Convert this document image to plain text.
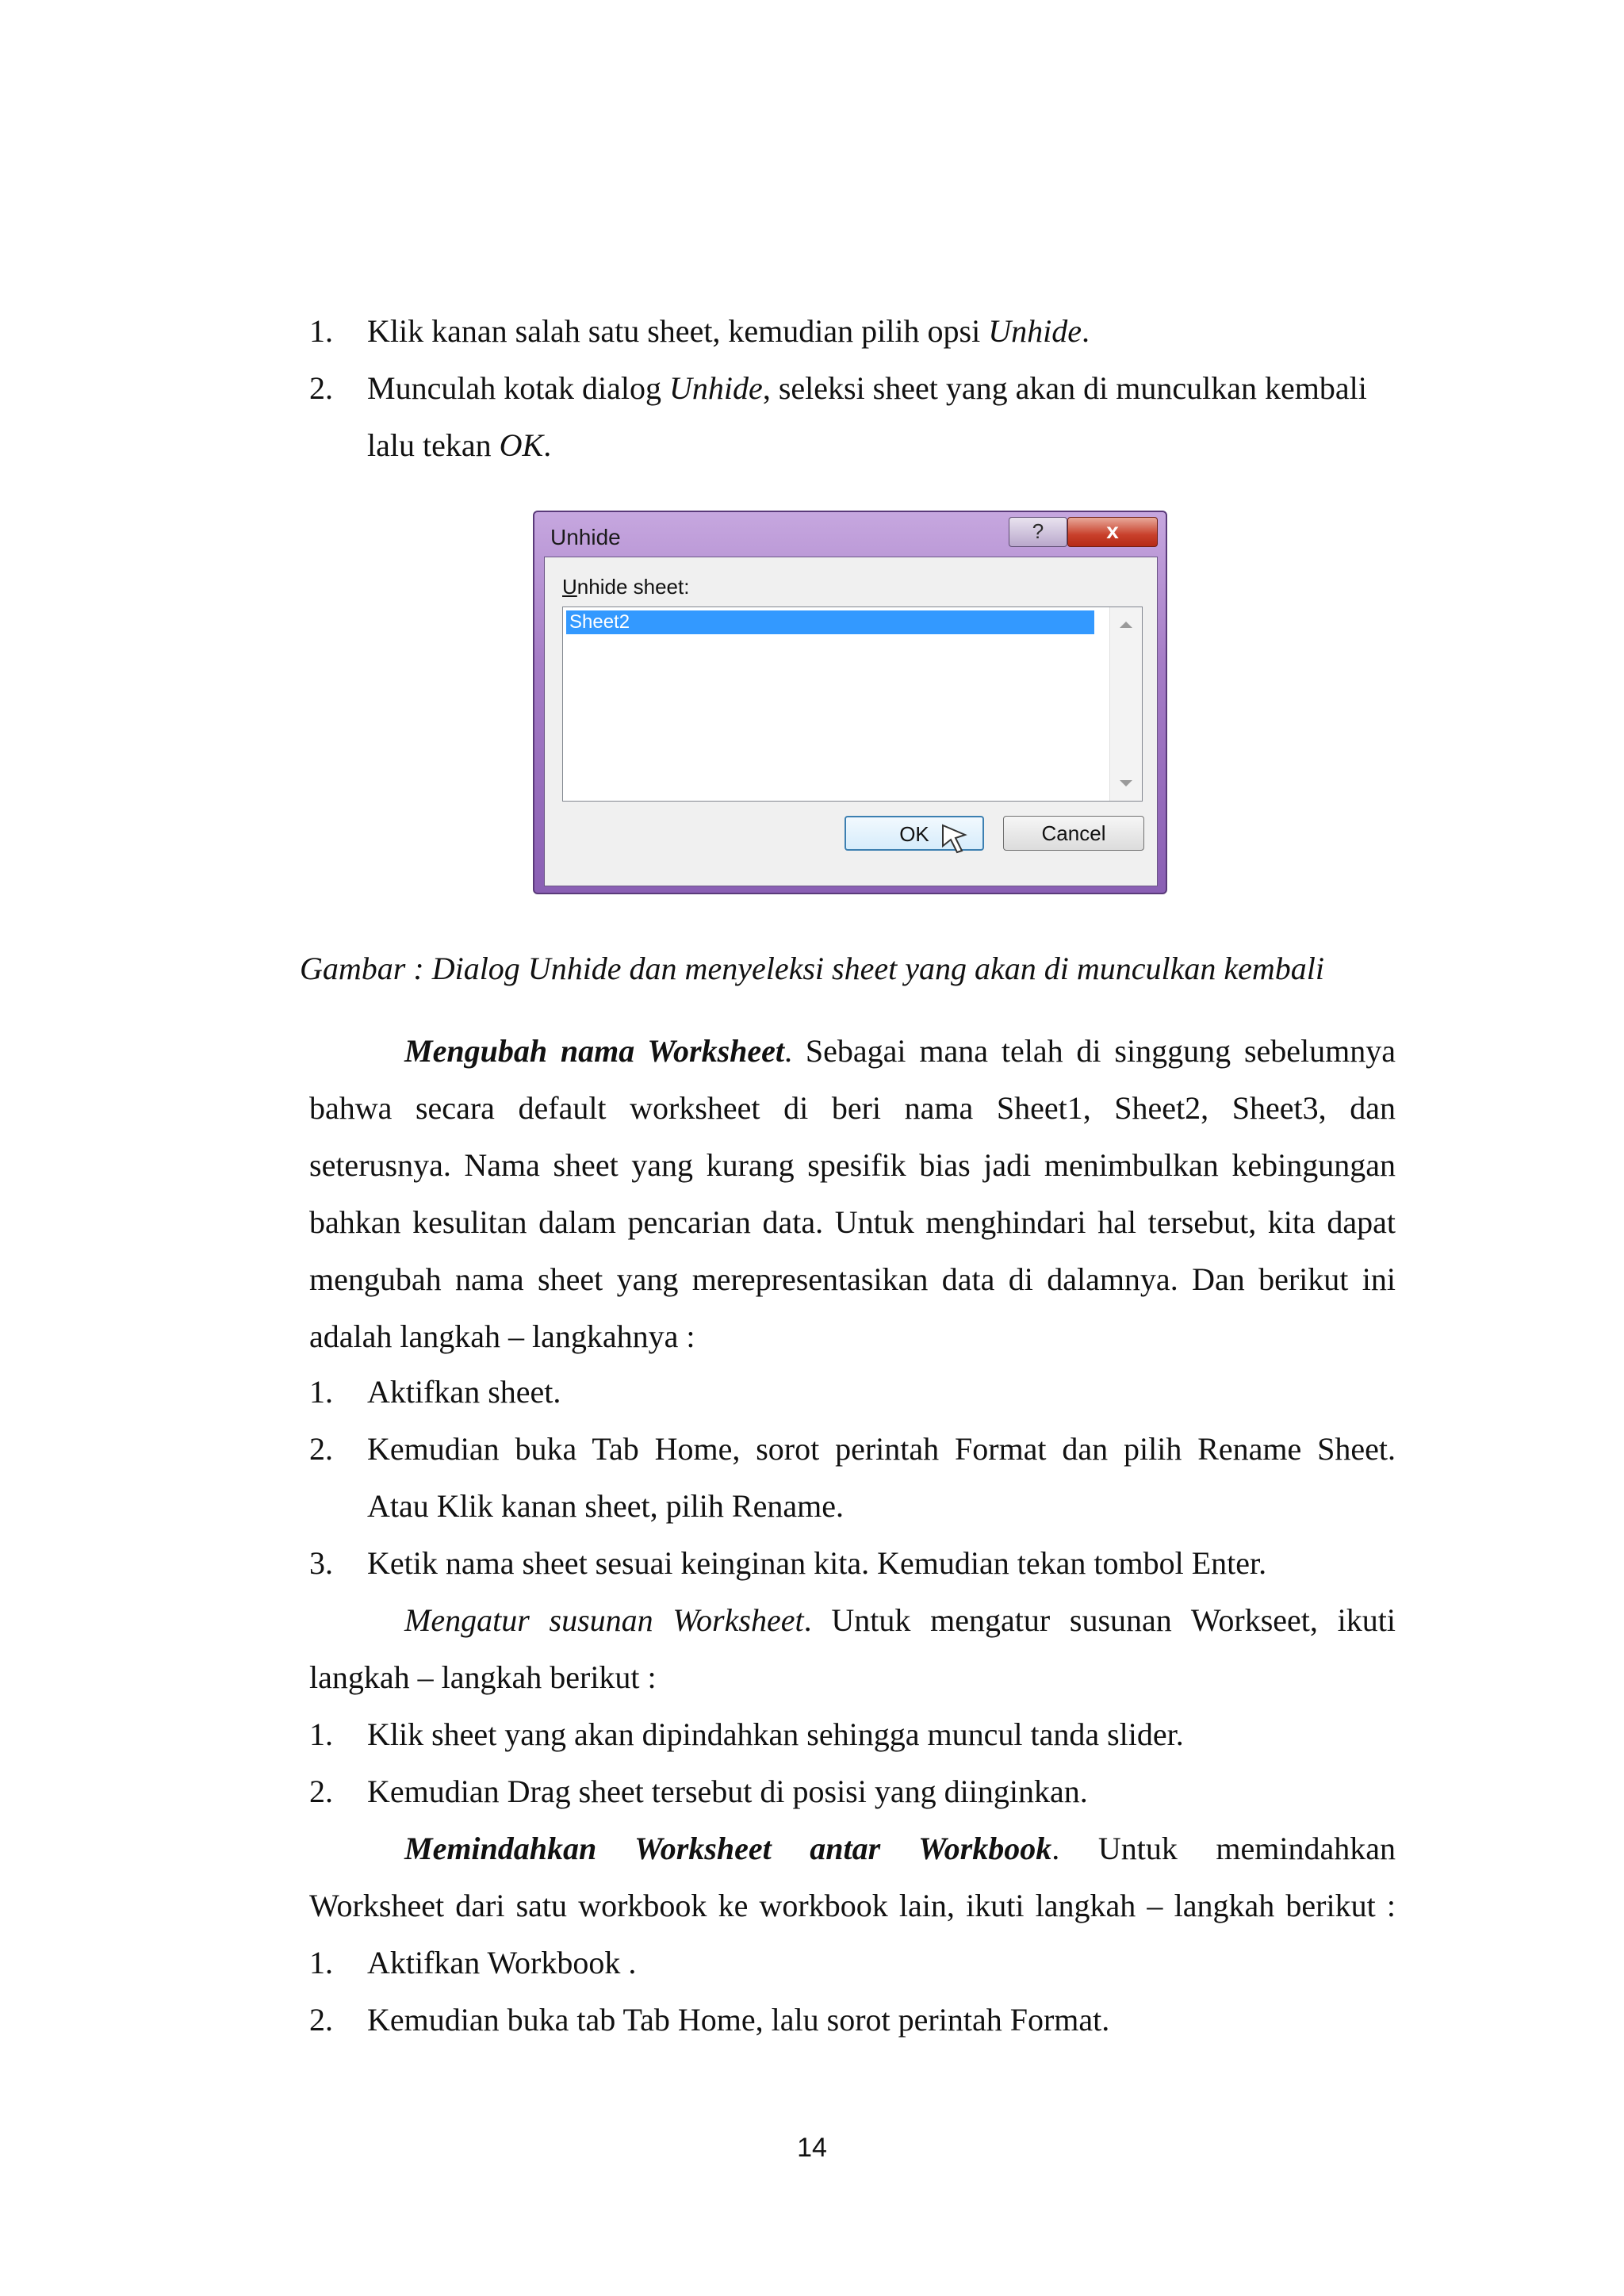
1. Klik kanan salah satu sheet, kemudian pilih opsi Unhide.
2. Munculah kotak dialog Unhide, seleksi sheet yang akan di munculkan kembali
lalu tekan OK.
Unhide	?	x
Unhide sheet:
Sheet2
OK	Cancel
Gambar : Dialog Unhide dan menyeleksi sheet yang akan di munculkan kembali
Mengubah nama Worksheet. Sebagai mana telah di singgung sebelumnya
bahwa secara default worksheet di beri nama Sheet1, Sheet2, Sheet3, dan
seterusnya. Nama sheet yang kurang spesifik bias jadi menimbulkan kebingungan
bahkan kesulitan dalam pencarian data. Untuk menghindari hal tersebut, kita dapat
mengubah nama sheet yang merepresentasikan data di dalamnya. Dan berikut ini
adalah langkah – langkahnya :
1. Aktifkan sheet.
2. Kemudian buka Tab Home, sorot perintah Format dan pilih Rename Sheet.
Atau Klik kanan sheet, pilih Rename.
3. Ketik nama sheet sesuai keinginan kita. Kemudian tekan tombol Enter.
Mengatur susunan Worksheet. Untuk mengatur susunan Workseet, ikuti
langkah – langkah berikut :
1. Klik sheet yang akan dipindahkan sehingga muncul tanda slider.
2. Kemudian Drag sheet tersebut di posisi yang diinginkan.
Memindahkan Worksheet antar Workbook. Untuk memindahkan
Worksheet dari satu workbook ke workbook lain, ikuti langkah – langkah berikut :
1. Aktifkan Workbook .
2. Kemudian buka tab Tab Home, lalu sorot perintah Format.
14
